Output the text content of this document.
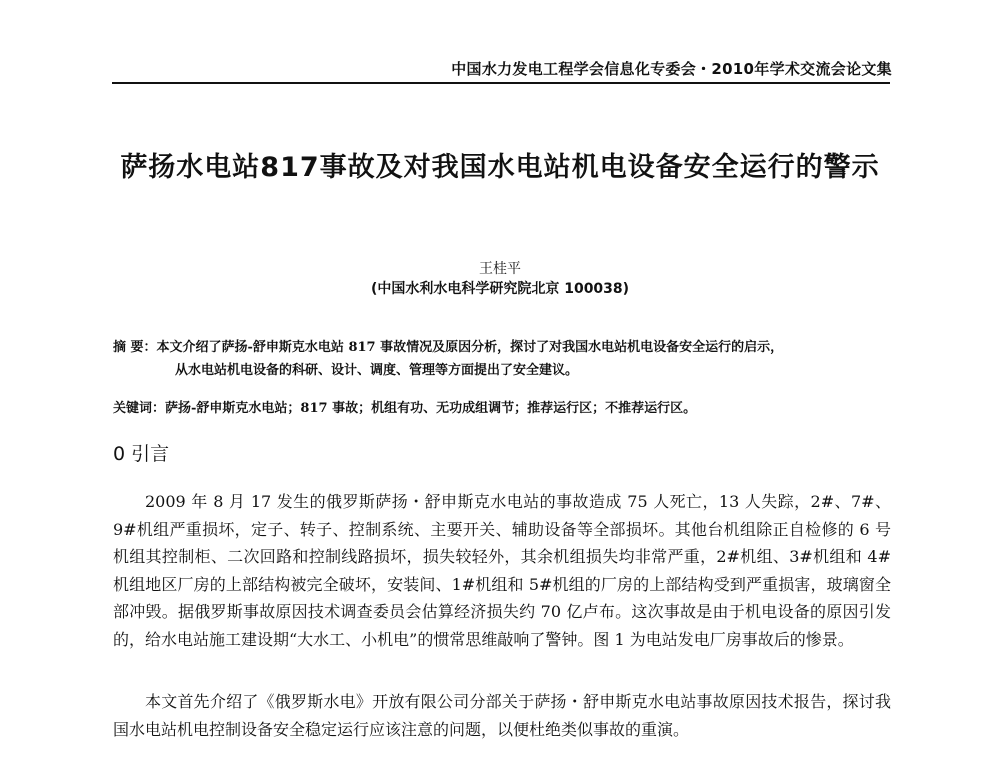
中国水力发电工程学会信息化专委会・2010年学术交流会论文集
萨扬水电站817事故及对我国水电站机电设备安全运行的警示
王桂平
(中国水利水电科学研究院北京 100038)
摘 要：本文介绍了萨扬-舒申斯克水电站 817 事故情况及原因分析，探讨了对我国水电站机电设备安全运行的启示，
从水电站机电设备的科研、设计、调度、管理等方面提出了安全建议。
关键词：萨扬-舒申斯克水电站；817 事故；机组有功、无功成组调节；推荐运行区；不推荐运行区。
0 引言
2009 年 8 月 17 发生的俄罗斯萨扬・舒申斯克水电站的事故造成 75 人死亡，13 人失踪，2#、7#、9#机组严重损坏，定子、转子、控制系统、主要开关、辅助设备等全部损坏。其他台机组除正自检修的 6 号机组其控制柜、二次回路和控制线路损坏，损失较轻外，其余机组损失均非常严重，2#机组、3#机组和 4#机组地区厂房的上部结构被完全破坏，安装间、1#机组和 5#机组的厂房的上部结构受到严重损害，玻璃窗全部冲毁。据俄罗斯事故原因技术调查委员会估算经济损失约 70 亿卢布。这次事故是由于机电设备的原因引发的，给水电站施工建设期“大水工、小机电”的惯常思维敲响了警钟。图 1 为电站发电厂房事故后的惨景。
本文首先介绍了《俄罗斯水电》开放有限公司分部关于萨扬・舒申斯克水电站事故原因技术报告，探讨我国水电站机电控制设备安全稳定运行应该注意的问题，以便杜绝类似事故的重演。
